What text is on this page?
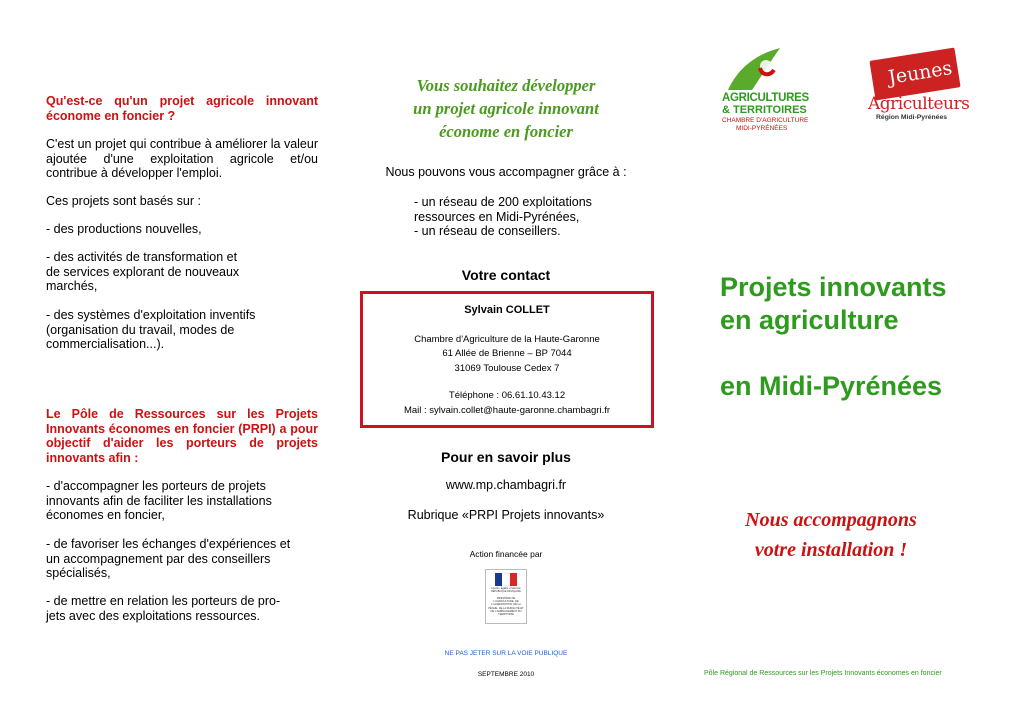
Qu'est-ce qu'un projet agricole innovant économe en foncier ?
C'est un projet qui contribue à améliorer la valeur ajoutée d'une exploitation agricole et/ou contribue à développer l'emploi.
Ces projets sont basés sur :
- des productions nouvelles,
- des activités de transformation et
de services explorant de nouveaux
marchés,
- des systèmes d'exploitation inventifs
(organisation du travail, modes de
commercialisation...).
Le Pôle de Ressources sur les Projets Innovants économes en foncier (PRPI) a pour objectif d'aider les porteurs de projets innovants afin :
- d'accompagner les porteurs de projets
innovants afin de faciliter les installations
économes en foncier,
- de favoriser les échanges d'expériences et
un accompagnement par des conseillers
spécialisés,
- de mettre en relation les porteurs de pro-
jets avec des exploitations ressources.
Vous souhaitez développer
un projet agricole innovant
économe en foncier
Nous pouvons vous accompagner grâce à :
- un réseau de 200 exploitations
ressources en Midi-Pyrénées,
- un réseau de conseillers.
Votre contact
Sylvain COLLET
Chambre d'Agriculture de la Haute-Garonne
61 Allée de Brienne – BP 7044
31069 Toulouse Cedex 7
Téléphone : 06.61.10.43.12
Mail : sylvain.collet@haute-garonne.chambagri.fr
Pour en savoir plus
www.mp.chambagri.fr
Rubrique «PRPI Projets innovants»
Action financée par
Liberté • Égalité • Fraternité RÉPUBLIQUE FRANÇAISE
MINISTÈRE DE L'AGRICULTURE, DE L'ALIMENTATION, DE LA PÊCHE, DE LA RURALITÉ ET DE L'AMÉNAGEMENT DU TERRITOIRE
NE PAS JETER SUR LA VOIE PUBLIQUE
SEPTEMBRE 2010
AGRICULTURES
& TERRITOIRES
CHAMBRE D'AGRICULTURE
MIDI-PYRÉNÉES
Jeunes
Agriculteurs
Région Midi-Pyrénées
Projets innovants
en agriculture
en Midi-Pyrénées
Nous accompagnons
votre installation !
Pôle Régional de Ressources sur les Projets Innovants économes en foncier
